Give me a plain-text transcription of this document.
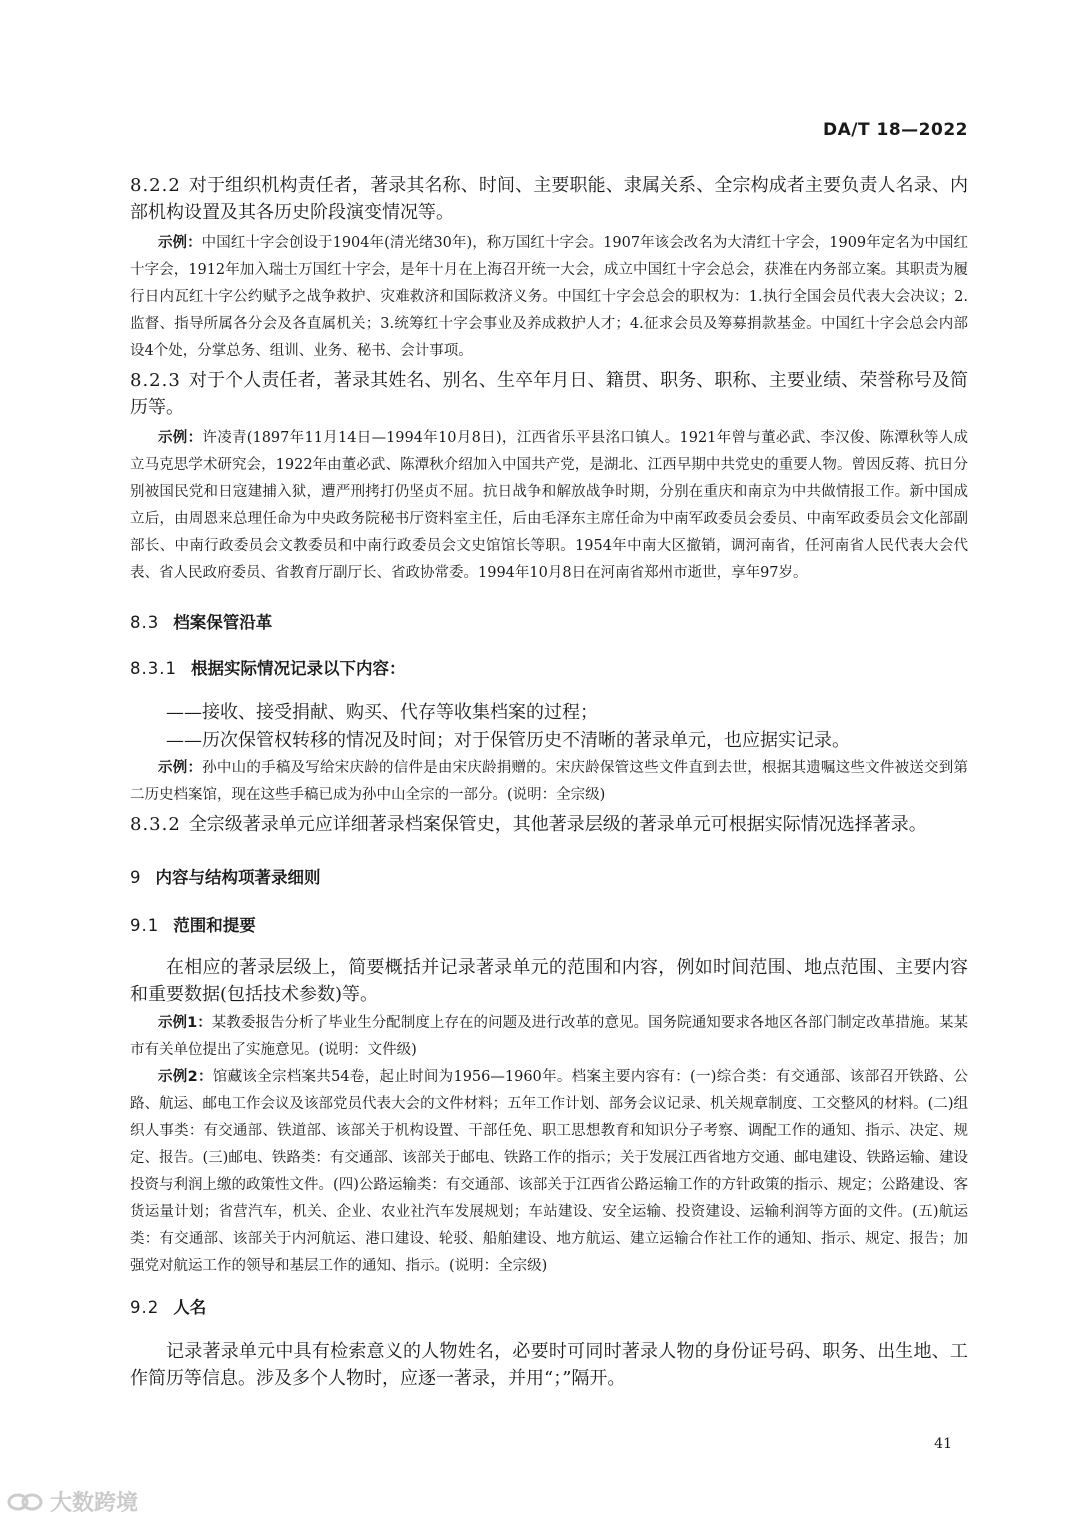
DA/T 18—2022

8.2.2 对于组织机构责任者，著录其名称、时间、主要职能、隶属关系、全宗构成者主要负责人名录、内部机构设置及其各历史阶段演变情况等。

示例：中国红十字会创设于1904年(清光绪30年)，称万国红十字会。1907年该会改名为大清红十字会，1909年定名为中国红十字会，1912年加入瑞士万国红十字会，是年十月在上海召开统一大会，成立中国红十字会总会，获准在内务部立案。其职责为履行日内瓦红十字公约赋予之战争救护、灾难救济和国际救济义务。中国红十字会总会的职权为：1.执行全国会员代表大会决议；2.监督、指导所属各分会及各直属机关；3.统筹红十字会事业及养成救护人才；4.征求会员及筹募捐款基金。中国红十字会总会内部设4个处，分掌总务、组训、业务、秘书、会计事项。

8.2.3 对于个人责任者，著录其姓名、别名、生卒年月日、籍贯、职务、职称、主要业绩、荣誉称号及简历等。

示例：许凌青(1897年11月14日—1994年10月8日)，江西省乐平县洺口镇人。1921年曾与董必武、李汉俊、陈潭秋等人成立马克思学术研究会，1922年由董必武、陈潭秋介绍加入中国共产党，是湖北、江西早期中共党史的重要人物。曾因反蒋、抗日分别被国民党和日寇建捕入狱，遭严刑拷打仍坚贞不屈。抗日战争和解放战争时期，分别在重庆和南京为中共做情报工作。新中国成立后，由周恩来总理任命为中央政务院秘书厅资料室主任，后由毛泽东主席任命为中南军政委员会委员、中南军政委员会文化部副部长、中南行政委员会文教委员和中南行政委员会文史馆馆长等职。1954年中南大区撤销，调河南省，任河南省人民代表大会代表、省人民政府委员、省教育厅副厅长、省政协常委。1994年10月8日在河南省郑州市逝世，享年97岁。

8.3 档案保管沿革

8.3.1 根据实际情况记录以下内容：

——接收、接受捐献、购买、代存等收集档案的过程；

——历次保管权转移的情况及时间；对于保管历史不清晰的著录单元，也应据实记录。

示例：孙中山的手稿及写给宋庆龄的信件是由宋庆龄捐赠的。宋庆龄保管这些文件直到去世，根据其遗嘱这些文件被送交到第二历史档案馆，现在这些手稿已成为孙中山全宗的一部分。(说明：全宗级)

8.3.2 全宗级著录单元应详细著录档案保管史，其他著录层级的著录单元可根据实际情况选择著录。

9 内容与结构项著录细则

9.1 范围和提要

在相应的著录层级上，简要概括并记录著录单元的范围和内容，例如时间范围、地点范围、主要内容和重要数据(包括技术参数)等。

示例1：某教委报告分析了毕业生分配制度上存在的问题及进行改革的意见。国务院通知要求各地区各部门制定改革措施。某某市有关单位提出了实施意见。(说明：文件级)

示例2：馆藏该全宗档案共54卷，起止时间为1956—1960年。档案主要内容有：(一)综合类：有交通部、该部召开铁路、公路、航运、邮电工作会议及该部党员代表大会的文件材料；五年工作计划、部务会议记录、机关规章制度、工交整风的材料。(二)组织人事类：有交通部、铁道部、该部关于机构设置、干部任免、职工思想教育和知识分子考察、调配工作的通知、指示、决定、规定、报告。(三)邮电、铁路类：有交通部、该部关于邮电、铁路工作的指示；关于发展江西省地方交通、邮电建设、铁路运输、建设投资与利润上缴的政策性文件。(四)公路运输类：有交通部、该部关于江西省公路运输工作的方针政策的指示、规定；公路建设、客货运量计划；省营汽车，机关、企业、农业社汽车发展规划；车站建设、安全运输、投资建设、运输利润等方面的文件。(五)航运类：有交通部、该部关于内河航运、港口建设、轮驳、船舶建设、地方航运、建立运输合作社工作的通知、指示、规定、报告；加强党对航运工作的领导和基层工作的通知、指示。(说明：全宗级)

9.2 人名

记录著录单元中具有检索意义的人物姓名，必要时可同时著录人物的身份证号码、职务、出生地、工作简历等信息。涉及多个人物时，应逐一著录，并用“；”隔开。

41
大数跨境
